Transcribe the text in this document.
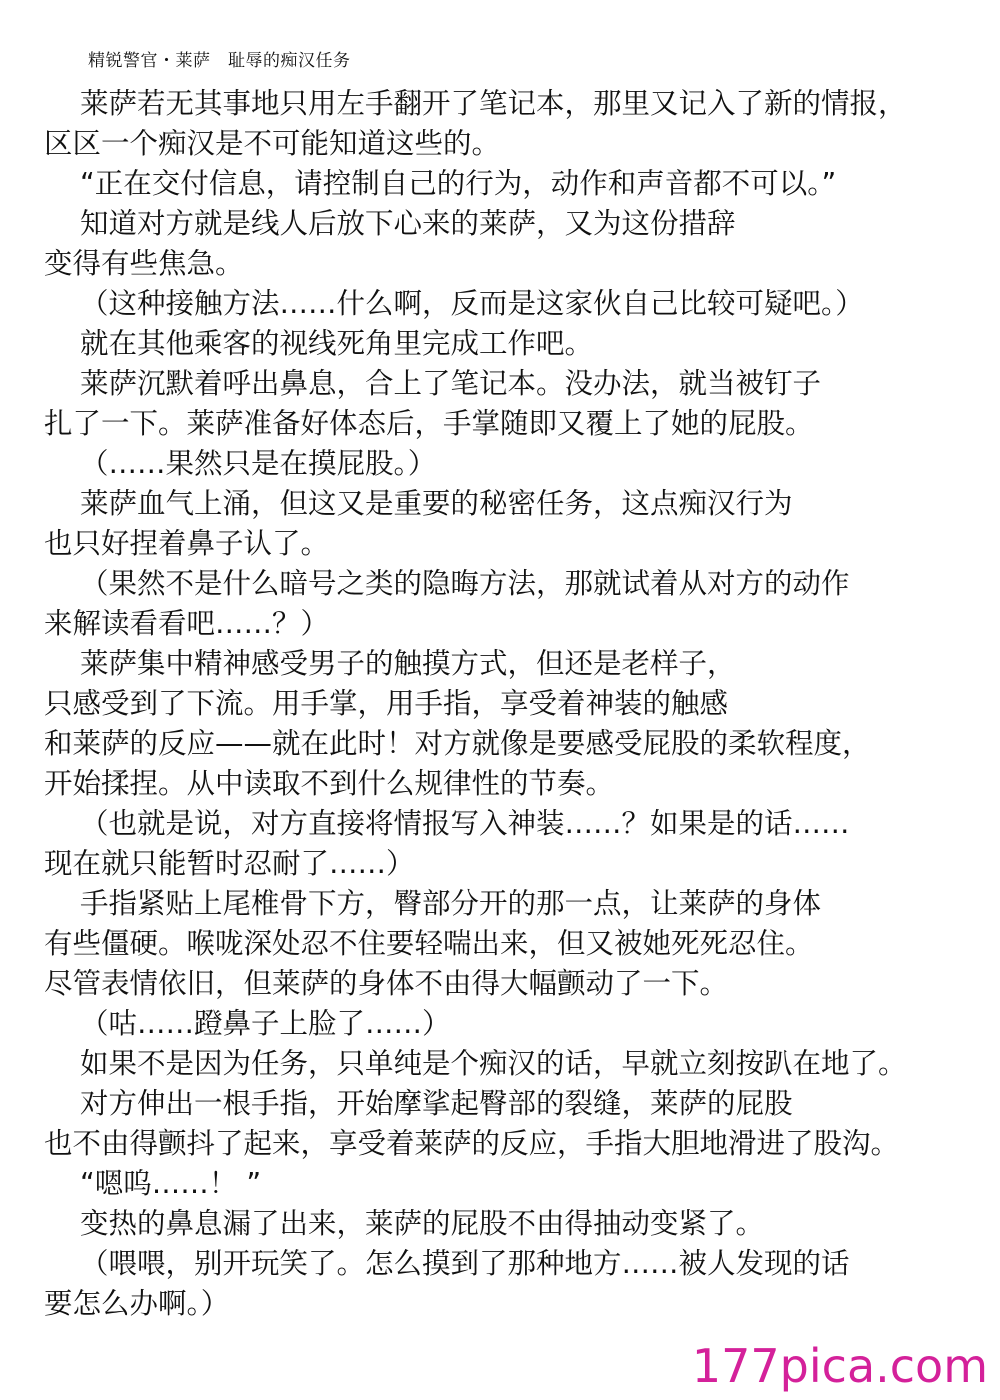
精锐警官・莱萨　耻辱的痴汉任务
莱萨若无其事地只用左手翻开了笔记本，那里又记入了新的情报，
区区一个痴汉是不可能知道这些的。
“正在交付信息，请控制自己的行为，动作和声音都不可以。”
知道对方就是线人后放下心来的莱萨，又为这份措辞
变得有些焦急。
（这种接触方法……什么啊，反而是这家伙自己比较可疑吧。）
就在其他乘客的视线死角里完成工作吧。
莱萨沉默着呼出鼻息，合上了笔记本。没办法，就当被钉子
扎了一下。莱萨准备好体态后，手掌随即又覆上了她的屁股。
（……果然只是在摸屁股。）
莱萨血气上涌，但这又是重要的秘密任务，这点痴汉行为
也只好捏着鼻子认了。
（果然不是什么暗号之类的隐晦方法，那就试着从对方的动作
来解读看看吧……？）
莱萨集中精神感受男子的触摸方式，但还是老样子，
只感受到了下流。用手掌，用手指，享受着神装的触感
和莱萨的反应——就在此时！对方就像是要感受屁股的柔软程度，
开始揉捏。从中读取不到什么规律性的节奏。
（也就是说，对方直接将情报写入神装……？如果是的话……
现在就只能暂时忍耐了……）
手指紧贴上尾椎骨下方，臀部分开的那一点，让莱萨的身体
有些僵硬。喉咙深处忍不住要轻喘出来，但又被她死死忍住。
尽管表情依旧，但莱萨的身体不由得大幅颤动了一下。
（咕……蹬鼻子上脸了……）
如果不是因为任务，只单纯是个痴汉的话，早就立刻按趴在地了。
对方伸出一根手指，开始摩挲起臀部的裂缝，莱萨的屁股
也不由得颤抖了起来，享受着莱萨的反应，手指大胆地滑进了股沟。
“嗯呜……！ ”
变热的鼻息漏了出来，莱萨的屁股不由得抽动变紧了。
（喂喂，别开玩笑了。怎么摸到了那种地方……被人发现的话
要怎么办啊。）
177pica.com
